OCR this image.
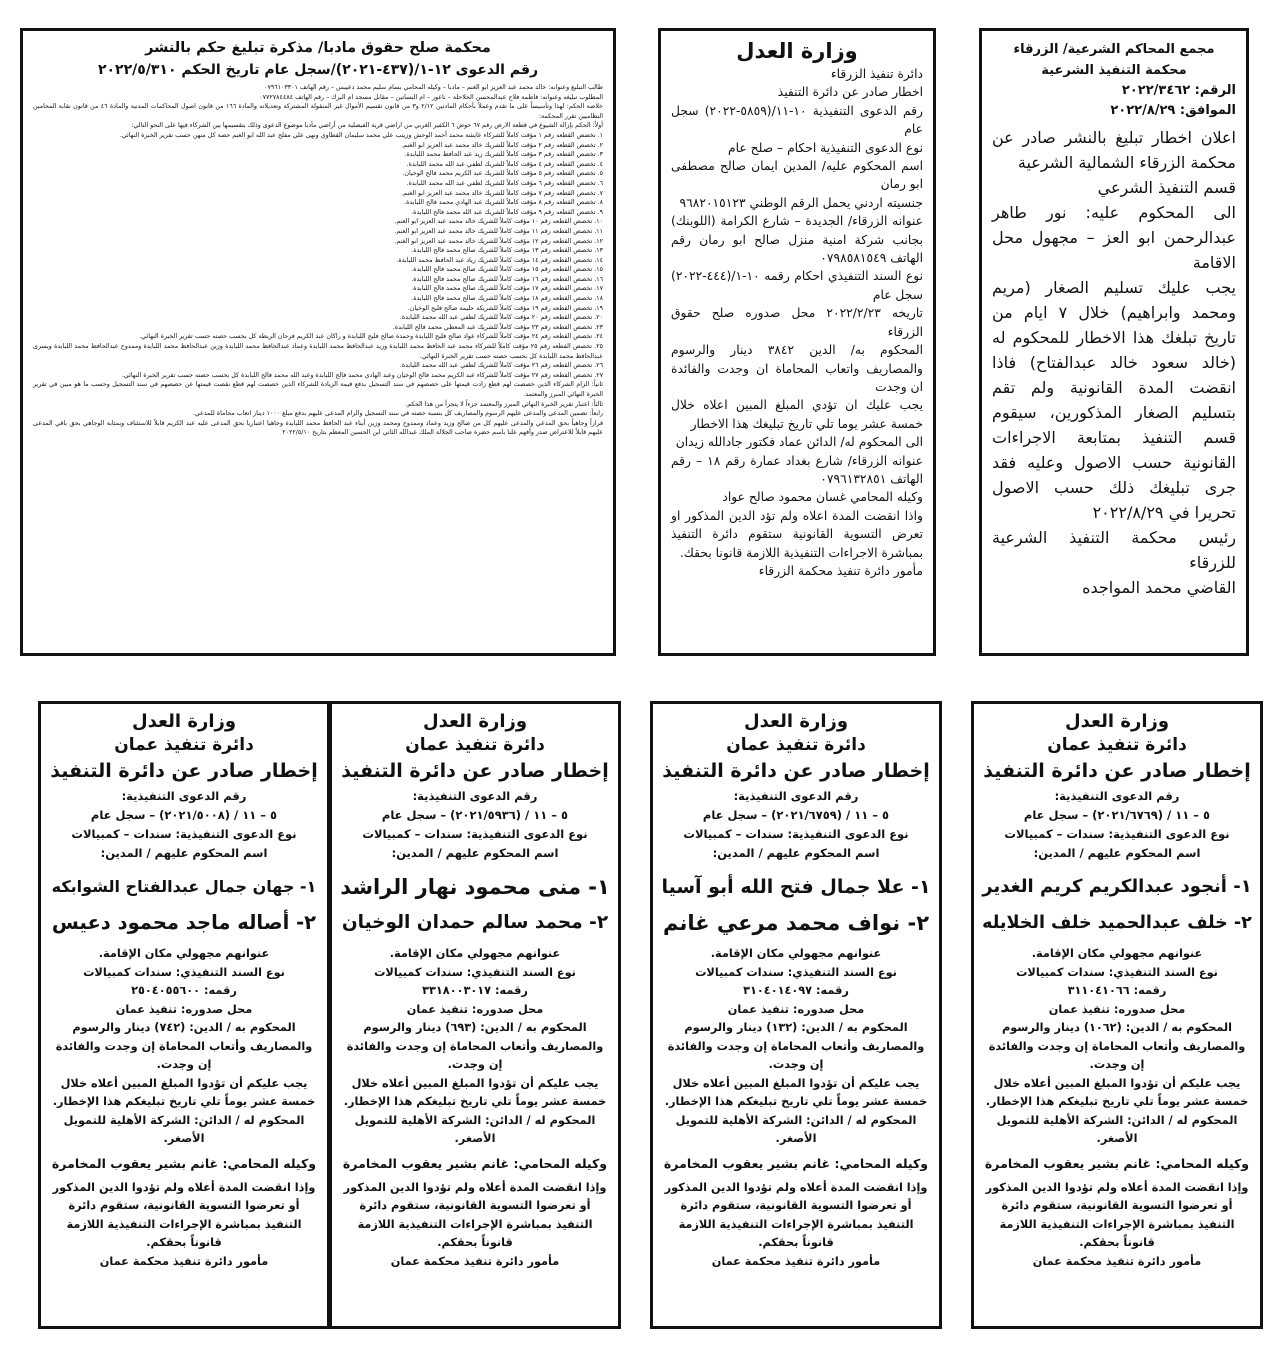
مجمع المحاكم الشرعية/ الزرقاء
محكمة التنفيذ الشرعية
الرقم: ٢٠٢٢/٣٤٦٢
الموافق: ٢٠٢٢/٨/٢٩

اعلان اخطار تبليغ بالنشر صادر عن محكمة الزرقاء الشمالية الشرعية

قسم التنفيذ الشرعي

الى المحكوم عليه: نور طاهر عبدالرحمن ابو العز – مجهول محل الاقامة

يجب عليك تسليم الصغار (مريم ومحمد وابراهيم) خلال ٧ ايام من تاريخ تبلغك هذا الاخطار للمحكوم له (خالد سعود خالد عبدالفتاح) فاذا انقضت المدة القانونية ولم تقم بتسليم الصغار المذكورين، سيقوم قسم التنفيذ بمتابعة الاجراءات القانونية حسب الاصول وعليه فقد جرى تبليغك ذلك حسب الاصول تحريرا في ٢٠٢٢/٨/٢٩

رئيس محكمة التنفيذ الشرعية للزرقاء

القاضي محمد المواجده

وزارة العدل

دائرة تنفيذ الزرقاء

اخطار صادر عن دائرة التنفيذ

رقم الدعوى التنفيذية ١٠-١١/(٥٨٥٩-٢٠٢٢) سجل عام

نوع الدعوى التنفيذية احكام – صلح عام

اسم المحكوم عليه/ المدين ايمان صالح مصطفى ابو رمان

جنسيته اردني يحمل الرقم الوطني ٩٦٨٢٠١٥١٢٣

عنوانه الزرقاء/ الجديدة – شارع الكرامة (اللوبنك) بجانب شركة امنية منزل صالح ابو رمان رقم الهاتف ٠٧٩٨٥٨١٥٤٩

نوع السند التنفيذي احكام رقمه ١٠-١/(٤٤٤-٢٠٢٢) سجل عام

تاريخه ٢٠٢٢/٢/٢٣ محل صدوره صلح حقوق الزرقاء

المحكوم به/ الدين ٣٨٤٢ دينار والرسوم والمصاريف واتعاب المحاماة ان وجدت والفائدة ان وجدت

يجب عليك ان تؤدي المبلغ المبين اعلاه خلال خمسة عشر يوما تلي تاريخ تبليغك هذا الاخطار

الى المحكوم له/ الدائن عماد فكتور جادالله زيدان

عنوانه الزرقاء/ شارع بغداد عمارة رقم ١٨ – رقم الهاتف ٠٧٩٦١٣٢٨٥١

وكيله المحامي غسان محمود صالح عواد

واذا انقضت المدة اعلاه ولم تؤد الدين المذكور او تعرض التسوية القانونية ستقوم دائرة التنفيذ بمباشرة الاجراءات التنفيذية اللازمة قانونا بحقك.

مأمور دائرة تنفيذ محكمة الزرقاء

محكمة صلح حقوق مادبا/ مذكرة تبليغ حكم بالنشر
رقم الدعوى ١٢-١/(٤٣٧-٢٠٢١)/سجل عام تاريخ الحكم ٢٠٢٢/٥/٣١٠

طالب التبليغ وعنوانه: خالد محمد عبد العزيز ابو الغنم – مادبا – وكيله المحامي بسام سليم محمد دعيبس – رقم الهاتف ٠٧٩٦١٠٣٣٠١

المطلوب تبليغه وعنوانه: فاطمة فلاح عبدالمحسن الحلاحلة – ناعور – ام البساتين – مقابل مسجد ام البرك – رقم الهاتف ٠٧٧٢٧٨٤٤٨٤

خلاصة الحكم: لهذا وتأسيساً على ما تقدم وعملاً بأحكام المادتين ٢/١٢ و٣ من قانون تقسيم الأموال غير المنقولة المشتركة وتعديلاته والمادة ١٦٦ من قانون اصول المحاكمات المدنية والمادة ٤٦ من قانون نقابة المحامين النظاميين تقرر المحكمة:

أولاً: الحكم بإزالة الشيوع في قطعة الارض رقم ٦٧ حوض ٦ الكفير الغربي من اراضي قرية الفيصلية من أراضي مأدبا موضوع الدعوى وذلك بتقسيمها بين الشركاء فيها على النحو التالي:

١. تخصص القطعه رقم ١ مؤقت كاملاً للشركاء عايشة محمد أحمد الوحش وزينب علي محمد سليمان القطاوي ونهى علي مفلح عبد الله ابو الغنم حصة كل منهن حسب تقرير الخبرة النهائي.

٢. تخصص القطعه رقم ٢ مؤقت كاملاً للشريك خالد محمد عبد العزيز ابو الغنم.

٣. تخصص القطعه رقم ٣ مؤقت كاملاً للشريك زيد عبد الحافظ محمد اللبابدة.

٤. تخصص القطعه رقم ٤ مؤقت كاملاً للشريك لطفي عبد الله محمد اللبابدة.

٥. تخصص القطعه رقم ٥ مؤقت كاملاً للشريك عبد الكريم محمد فالح الوخيان.

٦. تخصص القطعه رقم ٦ مؤقت كاملاً للشريك لطفي عبد الله محمد اللبابدة.

٧. تخصص القطعه رقم ٧ مؤقت كاملاً للشريك خالد محمد عبد العزيز ابو الغنم.

٨. تخصص القطعه رقم ٨ مؤقت كاملاً للشريك عبد الهادي محمد فالح اللبابدة.

٩. تخصص القطعه رقم ٩ مؤقت كاملاً للشريك عبد الله محمد فالح اللبابدة.

١٠. تخصص القطعه رقم ١٠ مؤقت كاملاً للشريك خالد محمد عبد العزيز ابو الغنم.

١١. تخصص القطعه رقم ١١ مؤقت كاملاً للشريك خالد محمد عبد العزيز ابو الغنم.

١٢. تخصص القطعه رقم ١٢ مؤقت كاملاً للشريك خالد محمد عبد العزيز ابو الغنم.

١٣. تخصص القطعه رقم ١٣ مؤقت كاملاً للشريك صالح محمد فالح اللبابدة.

١٤. تخصص القطعه رقم ١٤ مؤقت كاملاً للشريك زياد عبد الحافظ محمد اللبابدة.

١٥. تخصص القطعه رقم ١٥ مؤقت كاملاً للشريك صالح محمد فالح اللبابدة.

١٦. تخصص القطعه رقم ١٦ مؤقت كاملاً للشريك صالح محمد فالح اللبابدة.

١٧. تخصص القطعه رقم ١٧ مؤقت كاملاً للشريك صالح محمد فالح اللبابدة.

١٨. تخصص القطعه رقم ١٨ مؤقت كاملاً للشريك صالح محمد فالح اللبابدة.

١٩. تخصص القطعه رقم ١٩ مؤقت كاملاً للشريكة حليمة صالح فليح الوخيان.

٢٠. تخصص القطعه رقم ٢٠ مؤقت كاملاً للشريك لطفي عبد الله محمد اللبابدة.

٢٣. تخصص القطعه رقم ٢٣ مؤقت كاملاً للشريك عبد المعطي محمد فالح اللبابدة.

٢٤. تخصص القطعه رقم ٢٤ مؤقت كاملاً للشركاء عواد صالح فليح اللبابدة وحمدة صالح فليح اللبابدة و راكان عبد الكريم فرحان الربطة كل بحسب حصته حسب تقرير الخبرة النهائي.

٢٥. تخصص القطعه رقم ٢٥ مؤقت كاملاً للشركاء محمد عبد الحافظ محمد اللبابدة وزيد عبدالحافظ محمد اللبابدة وعماد عبدالحافظ محمد اللبابدة وزين عبدالحافظ محمد اللبابدة وممدوح عبدالحافظ محمد اللبابدة ويسرى عبدالحافظ محمد اللبابدة كل بحسب حصته حسب تقرير الخبرة النهائي.

٢٦. تخصص القطعه رقم ٢٦ مؤقت كاملاً للشريك لطفي عبد الله محمد اللبابدة.

٢٧. تخصص القطعه رقم ٢٧ مؤقت كاملاً للشركاء عبد الكريم محمد فالح الوخيان وعبد الهادي محمد فالح اللبابدة وعبد الله محمد فالح اللبابدة كل بحسب حصته حسب تقرير الخبرة النهائي.

ثانياً: الزام الشركاء الذين خصصت لهم قطع زادت قيمتها على حصصهم في سند التسجيل بدفع قيمة الزيادة للشركاء الذين خصصت لهم قطع نقصت قيمتها عن حصصهم في سند التسجيل وحسب ما هو مبين في تقرير الخبرة النهائي المبرز والمعتمد.

ثالثاً: اعتبار تقرير الخبرة النهائي المبرز والمعتمد جزءاً لا يتجزأ من هذا الحكم.

رابعاً: تضمين المدعى والمدعى عليهم الرسوم والمصاريف كل بنسبة حصته في سند التسجيل والزام المدعى عليهم بدفع مبلغ ١٠٠٠ دينار اتعاب محاماة للمدعي.

قراراً وجاهياً بحق المدعي والمدعى عليهم كل من صالح وزيد وعماد وممدوح ومحمد وزين أبناء عبد الحافظ محمد اللبابدة وجاهيا اعتباريا بحق المدعى عليه عبد الكريم قابلاً للاستئناف وبمثابة الوجاهي بحق باقي المدعى عليهم قابلاً للاعتراض صدر وأفهم علنا باسم حضرة صاحب الجلالة الملك عبدالله الثاني ابن الحسين المعظم بتاريخ ٢٠٢٢/٥/١٠

وزارة العدل
دائرة تنفيذ عمان
إخطار صادر عن دائرة التنفيذ

رقم الدعوى التنفيذية:

٥ – ١١ / (٢٠٢١/٦٧٦٩) – سجل عام

نوع الدعوى التنفيذية: سندات – كمبيالات

اسم المحكوم عليهم / المدين:

١- أنجود عبدالكريم كريم الغدير
٢- خلف عبدالحميد خلف الخلايله

عنوانهم مجهولي مكان الإقامة.

نوع السند التنفيذي: سندات كمبيالات

رقمه: ٣١١٠٤١٠٦٦

محل صدوره: تنفيذ عمان

المحكوم به / الدين: (١٠٦٢) دينار والرسوم والمصاريف وأتعاب المحاماة إن وجدت والفائدة إن وجدت.

يجب عليكم أن تؤدوا المبلغ المبين أعلاه خلال خمسة عشر يوماً تلي تاريخ تبليغكم هذا الإخطار.

المحكوم له / الدائن: الشركة الأهلية للتمويل الأصغر.

وكيله المحامي: غانم بشير يعقوب المخامرة

وإذا انقضت المدة أعلاه ولم تؤدوا الدين المذكور أو تعرضوا التسوية القانونية، ستقوم دائرة التنفيذ بمباشرة الإجراءات التنفيذية اللازمة قانوناً بحقكم.

مأمور دائرة تنفيذ محكمة عمان

وزارة العدل
دائرة تنفيذ عمان
إخطار صادر عن دائرة التنفيذ

رقم الدعوى التنفيذية:

٥ – ١١ / (٢٠٢١/٦٧٥٩) – سجل عام

نوع الدعوى التنفيذية: سندات – كمبيالات

اسم المحكوم عليهم / المدين:

١- علا جمال فتح الله أبو آسيا
٢- نواف محمد مرعي غانم

عنوانهم مجهولي مكان الإقامة.

نوع السند التنفيذي: سندات كمبيالات

رقمه: ٣١٠٤٠١٤٠٩٧

محل صدوره: تنفيذ عمان

المحكوم به / الدين: (١٣٢) دينار والرسوم والمصاريف وأتعاب المحاماة إن وجدت والفائدة إن وجدت.

يجب عليكم أن تؤدوا المبلغ المبين أعلاه خلال خمسة عشر يوماً تلي تاريخ تبليغكم هذا الإخطار.

المحكوم له / الدائن: الشركة الأهلية للتمويل الأصغر.

وكيله المحامي: غانم بشير يعقوب المخامرة

وإذا انقضت المدة أعلاه ولم تؤدوا الدين المذكور أو تعرضوا التسوية القانونية، ستقوم دائرة التنفيذ بمباشرة الإجراءات التنفيذية اللازمة قانوناً بحقكم.

مأمور دائرة تنفيذ محكمة عمان

وزارة العدل
دائرة تنفيذ عمان
إخطار صادر عن دائرة التنفيذ

رقم الدعوى التنفيذية:

٥ – ١١ / (٢٠٢١/٥٩٣٦) – سجل عام

نوع الدعوى التنفيذية: سندات – كمبيالات

اسم المحكوم عليهم / المدين:

١- منى محمود نهار الراشد
٢- محمد سالم حمدان الوخيان

عنوانهم مجهولي مكان الإقامة.

نوع السند التنفيذي: سندات كمبيالات

رقمه: ٣٣١٨٠٠٣٠١٧

محل صدوره: تنفيذ عمان

المحكوم به / الدين: (٦٩٣) دينار والرسوم والمصاريف وأتعاب المحاماة إن وجدت والفائدة إن وجدت.

يجب عليكم أن تؤدوا المبلغ المبين أعلاه خلال خمسة عشر يوماً تلي تاريخ تبليغكم هذا الإخطار.

المحكوم له / الدائن: الشركة الأهلية للتمويل الأصغر.

وكيله المحامي: غانم بشير يعقوب المخامرة

وإذا انقضت المدة أعلاه ولم تؤدوا الدين المذكور أو تعرضوا التسوية القانونية، ستقوم دائرة التنفيذ بمباشرة الإجراءات التنفيذية اللازمة قانوناً بحقكم.

مأمور دائرة تنفيذ محكمة عمان

وزارة العدل
دائرة تنفيذ عمان
إخطار صادر عن دائرة التنفيذ

رقم الدعوى التنفيذية:

٥ – ١١ / (٢٠٢١/٥٠٠٨) – سجل عام

نوع الدعوى التنفيذية: سندات – كمبيالات

اسم المحكوم عليهم / المدين:

١- جهان جمال عبدالفتاح الشوابكه
٢- أصاله ماجد محمود دعيس

عنوانهم مجهولي مكان الإقامة.

نوع السند التنفيذي: سندات كمبيالات

رقمه: ٢٥٠٤٠٥٥٦٠٠

محل صدوره: تنفيذ عمان

المحكوم به / الدين: (٧٤٢) دينار والرسوم والمصاريف وأتعاب المحاماة إن وجدت والفائدة إن وجدت.

يجب عليكم أن تؤدوا المبلغ المبين أعلاه خلال خمسة عشر يوماً تلي تاريخ تبليغكم هذا الإخطار.

المحكوم له / الدائن: الشركة الأهلية للتمويل الأصغر.

وكيله المحامي: غانم بشير يعقوب المخامرة

وإذا انقضت المدة أعلاه ولم تؤدوا الدين المذكور أو تعرضوا التسوية القانونية، ستقوم دائرة التنفيذ بمباشرة الإجراءات التنفيذية اللازمة قانوناً بحقكم.

مأمور دائرة تنفيذ محكمة عمان
